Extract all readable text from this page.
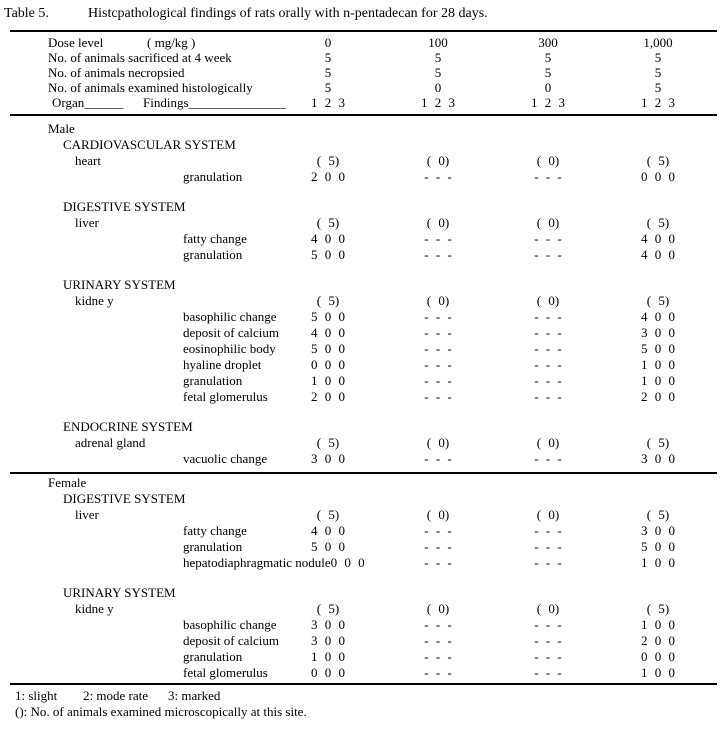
Table 5.	Histcpathological findings of rats orally with n-pentadecan for 28 days.
Dose level	( mg/kg )	0	100	300	1,000
No. of animals sacrificed at 4 week	5	5	5	5
No. of animals necropsied	5	5	5	5
No. of animals examined histologically	5	0	0	5
Organ______ Findings_______________	1 2 3	1 2 3	1 2 3	1 2 3
Male
CARDIOVASCULAR SYSTEM
heart	( 5)	( 0)	( 0)	( 5)
granulation	2 0 0	- - -	- - -	0 0 0
DIGESTIVE SYSTEM
liver	( 5)	( 0)	( 0)	( 5)
fatty change	4 0 0	- - -	- - -	4 0 0
granulation	5 0 0	- - -	- - -	4 0 0
URINARY SYSTEM
kidne y	( 5)	( 0)	( 0)	( 5)
basophilic change	5 0 0	- - -	- - -	4 0 0
deposit of calcium	4 0 0	- - -	- - -	3 0 0
eosinophilic body	5 0 0	- - -	- - -	5 0 0
hyaline droplet	0 0 0	- - -	- - -	1 0 0
granulation	1 0 0	- - -	- - -	1 0 0
fetal glomerulus	2 0 0	- - -	- - -	2 0 0
ENDOCRINE SYSTEM
adrenal gland	( 5)	( 0)	( 0)	( 5)
vacuolic change	3 0 0	- - -	- - -	3 0 0
Female
DIGESTIVE SYSTEM
liver	( 5)	( 0)	( 0)	( 5)
fatty change	4 0 0	- - -	- - -	3 0 0
granulation	5 0 0	- - -	- - -	5 0 0
hepatodiaphragmatic nodule0 0 0	- - -	- - -	1 0 0
URINARY SYSTEM
kidne y	( 5)	( 0)	( 0)	( 5)
basophilic change	3 0 0	- - -	- - -	1 0 0
deposit of calcium	3 0 0	- - -	- - -	2 0 0
granulation	1 0 0	- - -	- - -	0 0 0
fetal glomerulus	0 0 0	- - -	- - -	1 0 0
1: slight 2: mode rate 3: marked
(): No. of animals examined microscopically at this site.
